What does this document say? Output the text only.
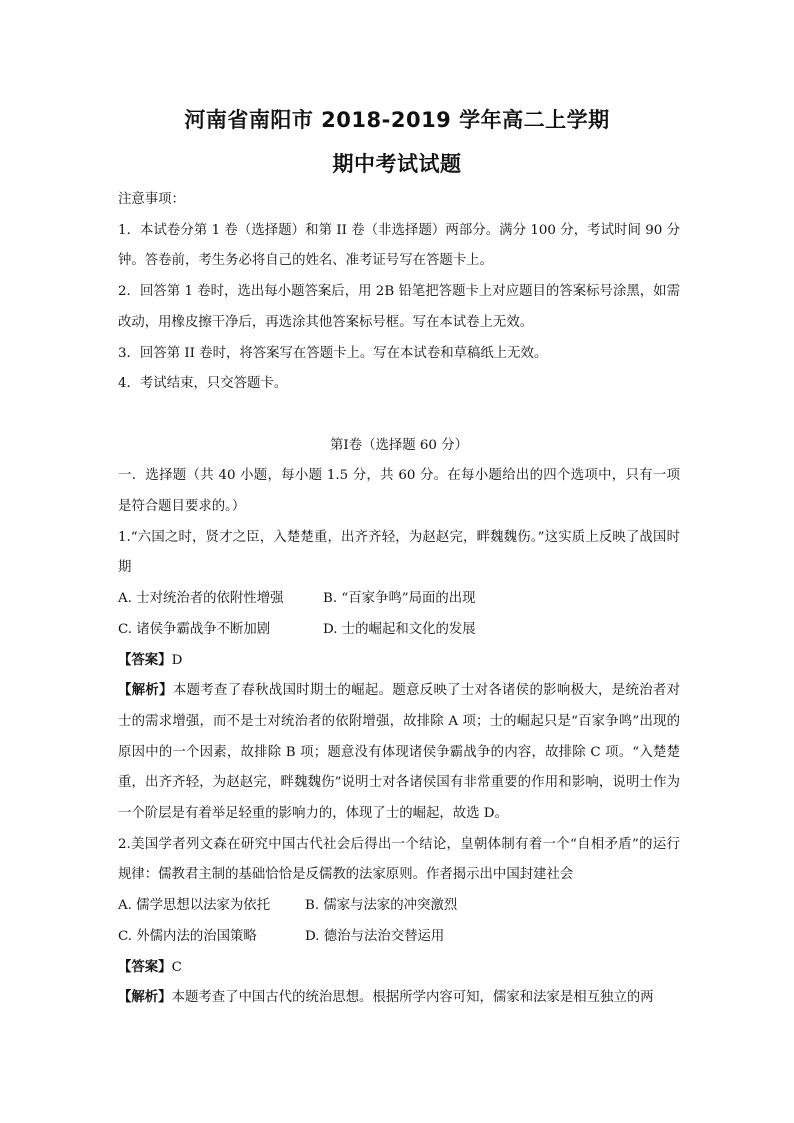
河南省南阳市 2018-2019 学年高二上学期
期中考试试题

注意事项：

1．本试卷分第 1 卷（选择题）和第 II 卷（非选择题）两部分。满分 100 分，考试时间 90 分钟。答卷前，考生务必将自己的姓名、准考证号写在答题卡上。

2．回答第 1 卷时，选出每小题答案后，用 2B 铅笔把答题卡上对应题目的答案标号涂黑，如需改动，用橡皮擦干净后，再选涂其他答案标号框。写在本试卷上无效。

3．回答第 II 卷时，将答案写在答题卡上。写在本试卷和草稿纸上无效。

4．考试结束，只交答题卡。

第Ⅰ卷（选择题 60 分）

一．选择题（共 40 小题，每小题 1.5 分，共 60 分。在每小题给出的四个选项中，只有一项是符合题目要求的。）

1.“六国之时，贤才之臣，入楚楚重，出齐齐轻，为赵赵完，畔魏魏伤。”这实质上反映了战国时期

A. 士对统治者的依附性增强	B. “百家争鸣”局面的出现
C. 诸侯争霸战争不断加剧	D. 士的崛起和文化的发展

【答案】D

【解析】本题考查了春秋战国时期士的崛起。题意反映了士对各诸侯的影响极大，是统治者对士的需求增强，而不是士对统治者的依附增强，故排除 A 项；士的崛起只是“百家争鸣”出现的原因中的一个因素，故排除 B 项；题意没有体现诸侯争霸战争的内容，故排除 C 项。“入楚楚重，出齐齐轻，为赵赵完，畔魏魏伤”说明士对各诸侯国有非常重要的作用和影响，说明士作为一个阶层是有着举足轻重的影响力的，体现了士的崛起，故选 D。

2.美国学者列文森在研究中国古代社会后得出一个结论，皇朝体制有着一个“自相矛盾”的运行规律：儒教君主制的基础恰恰是反儒教的法家原则。作者揭示出中国封建社会

A. 儒学思想以法家为依托	B. 儒家与法家的冲突激烈
C. 外儒内法的治国策略	D. 德治与法治交替运用

【答案】C

【解析】本题考查了中国古代的统治思想。根据所学内容可知，儒家和法家是相互独立的两
